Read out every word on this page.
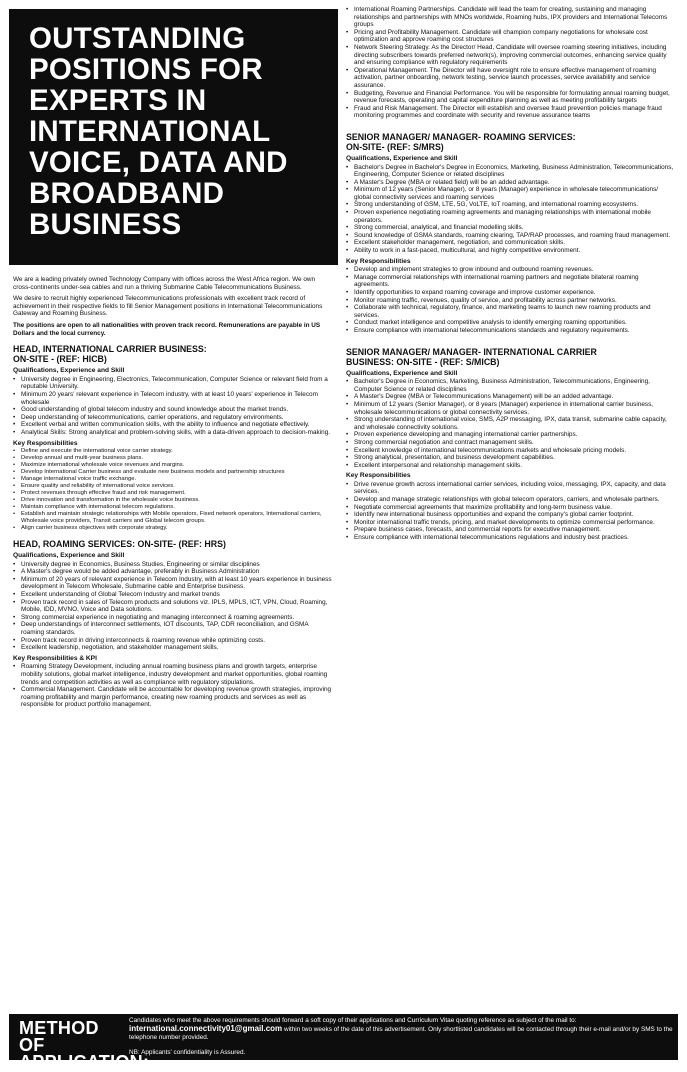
OUTSTANDING
POSITIONS FOR
EXPERTS IN
INTERNATIONAL
VOICE, DATA AND
BROADBAND
BUSINESS

We are a leading privately owned Technology Company with offices across the West Africa region. We own cross-continents under-sea cables and run a thriving Submarine Cable Telecommunications Business.

We desire to recruit highly experienced Telecommunications professionals with excellent track record of achievement in their respective fields to fill Senior Management positions in International Telecommunications Gateway and Roaming Business.

The positions are open to all nationalities with proven track record. Remunerations are payable in US Dollars and the local currency.

HEAD, INTERNATIONAL CARRIER BUSINESS:
ON-SITE - (REF: HICB)
Qualifications, Experience and Skill
• University degree in Engineering, Electronics, Telecommunication, Computer Science or relevant field from a reputable University.
• Minimum 20 years' relevant experience in Telecom industry, with at least 10 years' experience in Telecom wholesale
• Good understanding of global telecom industry and sound knowledge about the market trends.
• Deep understanding of telecommunications, carrier operations, and regulatory environments.
• Excellent verbal and written communication skills, with the ability to influence and negotiate effectively.
• Analytical Skills: Strong analytical and problem-solving skills, with a data-driven approach to decision-making.
Key Responsibilities
• Define and execute the international voice carrier strategy.
• Develop annual and multi-year business plans.
• Maximize international wholesale voice revenues and margins.
• Develop International Carrier business and evaluate new business models and partnership structures
• Manage international voice traffic exchange.
• Ensure quality and reliability of international voice services.
• Protect revenues through effective fraud and risk management.
• Drive innovation and transformation in the wholesale voice business.
• Maintain compliance with international telecom regulations.
• Establish and maintain strategic relationships with Mobile operators, Fixed network operators, International carriers, Wholesale voice providers, Transit carriers and Global telecom groups.
• Align carrier business objectives with corporate strategy.
HEAD, ROAMING SERVICES: ON-SITE- (REF: HRS)
Qualifications, Experience and Skill
• University degree in Economics, Business Studies, Engineering or similar disciplines
• A Master's degree would be added advantage, preferably in Business Administration
• Minimum of 20 years of relevant experience in Telecom Industry, with at least 10 years experience in business development in Telecom Wholesale, Submarine cable and Enterprise business.
• Excellent understanding of Global Telecom Industry and market trends
• Proven track record in sales of Telecom products and solutions viz. IPLS, MPLS, ICT, VPN, Cloud, Roaming, Mobile, IDD, MVNO, Voice and Data solutions.
• Strong commercial experience in negotiating and managing interconnect & roaming agreements.
• Deep understandings of interconnect settlements, IOT discounts, TAP, CDR reconciliation, and GSMA roaming standards.
• Proven track record in driving interconnects & roaming revenue while optimizing costs.
• Excellent leadership, negotiation, and stakeholder management skills.
Key Responsibilities & KPI
• Roaming Strategy Development, including annual roaming business plans and growth targets, enterprise mobility solutions, global market intelligence, industry development and market opportunities, global roaming trends and competition activities as well as compliance with regulatory stipulations.
• Commercial Management. Candidate will be accountable for developing revenue growth strategies, improving roaming profitability and margin performance, creating new roaming products and services as well as responsible for product portfolio management.
• International Roaming Partnerships. Candidate will lead the team for creating, sustaining and managing relationships and partnerships with MNOs worldwide, Roaming hubs, IPX providers and International Telecoms groups
• Pricing and Profitability Management. Candidate will champion company negotiations for wholesale cost optimization and approve roaming cost structures
• Network Steering Strategy. As the Director/ Head, Candidate will oversee roaming steering initiatives, including directing subscribers towards preferred network(s), improving commercial outcomes, enhancing service quality and ensuring compliance with regulatory requirements
• Operational Management. The Director will have oversight role to ensure effective management of roaming activation, partner onboarding, network testing, service launch processes, service availability and service assurance.
• Budgeting, Revenue and Financial Performance. You will be responsible for formulating annual roaming budget, revenue forecasts, operating and capital expenditure planning as well as meeting profitability targets
• Fraud and Risk Management. The Director will establish and oversee fraud prevention policies manage fraud monitoring programmes and coordinate with security and revenue assurance teams
SENIOR MANAGER/ MANAGER- ROAMING SERVICES:
ON-SITE- (REF: S/MRS)
Qualifications, Experience and Skill
• Bachelor's Degree in Bachelor's Degree in Economics, Marketing, Business Administration, Telecommunications, Engineering, Computer Science or related disciplines
• A Master's Degree (MBA or related field) will be an added advantage.
• Minimum of 12 years (Senior Manager), or 8 years (Manager) experience in wholesale telecommunications/ global connectivity services and roaming services
• Strong understanding of GSM, LTE, 5G, VoLTE, IoT roaming, and international roaming ecosystems.
• Proven experience negotiating roaming agreements and managing relationships with international mobile operators.
• Strong commercial, analytical, and financial modelling skills.
• Sound knowledge of GSMA standards, roaming clearing, TAP/RAP processes, and roaming fraud management.
• Excellent stakeholder management, negotiation, and communication skills.
• Ability to work in a fast-paced, multicultural, and highly competitive environment.
Key Responsibilities
• Develop and implement strategies to grow inbound and outbound roaming revenues.
• Manage commercial relationships with international roaming partners and negotiate bilateral roaming agreements.
• Identify opportunities to expand roaming coverage and improve customer experience.
• Monitor roaming traffic, revenues, quality of service, and profitability across partner networks.
• Collaborate with technical, regulatory, finance, and marketing teams to launch new roaming products and services.
• Conduct market intelligence and competitive analysis to identify emerging roaming opportunities.
• Ensure compliance with international telecommunications standards and regulatory requirements.
SENIOR MANAGER/ MANAGER- INTERNATIONAL CARRIER
BUSINESS: ON-SITE - (REF: S/MICB)
Qualifications, Experience and Skill
• Bachelor's Degree in Economics, Marketing, Business Administration, Telecommunications, Engineering, Computer Science or related disciplines
• A Master's Degree (MBA or Telecommunications Management) will be an added advantage.
• Minimum of 12 years (Senior Manager), or 8 years (Manager) experience in international carrier business, wholesale telecommunications or global connectivity services.
• Strong understanding of international voice, SMS, A2P messaging, IPX, data transit, submarine cable capacity, and wholesale connectivity solutions.
• Proven experience developing and managing international carrier partnerships.
• Strong commercial negotiation and contract management skills.
• Excellent knowledge of international telecommunications markets and wholesale pricing models.
• Strong analytical, presentation, and business development capabilities.
• Excellent interpersonal and relationship management skills.
Key Responsibilities
• Drive revenue growth across international carrier services, including voice, messaging, IPX, capacity, and data services.
• Develop and manage strategic relationships with global telecom operators, carriers, and wholesale partners.
• Negotiate commercial agreements that maximize profitability and long-term business value.
• Identify new international business opportunities and expand the company's global carrier footprint.
• Monitor international traffic trends, pricing, and market developments to optimize commercial performance.
• Prepare business cases, forecasts, and commercial reports for executive management.
• Ensure compliance with international telecommunications regulations and industry best practices.
METHOD OF
APPLICATION:
Candidates who meet the above requirements should forward a soft copy of their applications and Curriculum Vitae quoting reference as subject of the mail to: international.connectivity01@gmail.com within two weeks of the date of this advertisement. Only shortlisted candidates will be contacted through their e-mail and/or by SMS to the telephone number provided.
NB: Applicants' confidentiality is Assured.
